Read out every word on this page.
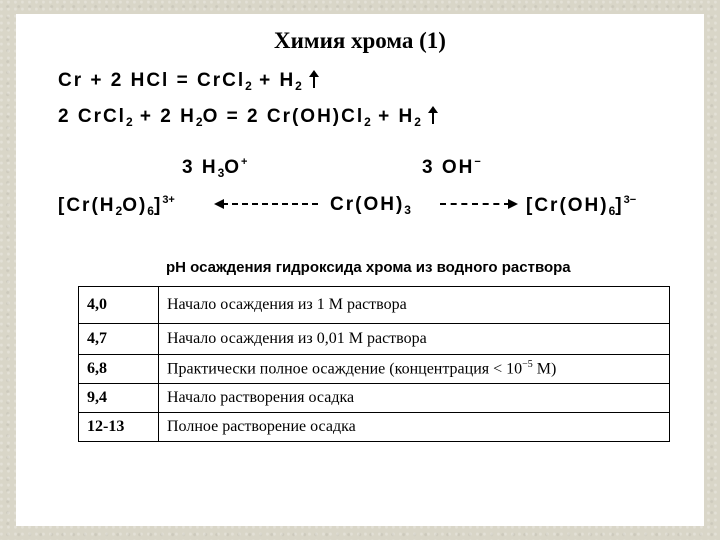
Химия хрома (1)
Cr + 2 HCl = CrCl$_2$ + $H_2$
2 CrCl$_2$ + 2 $H_2O = 2$ $Cr(OH)Cl_2 + H_2$
3 $H_3O^+$	3 OH−
$[Cr(H_2O)_6]^{3+}$	$Cr(OH)_3$	$[Cr(OH)_6]^{3-}$
pH осаждения гидроксида хрома из водного раствора
4,0	Начало осаждения из 1 М раствора
4,7	Начало осаждения из 0,01 М раствора
6,8	Практически полное осаждение (концентрация < $10^{-5}$ М)
9,4	Начало растворения осадка
12-13	Полное растворение осадка
